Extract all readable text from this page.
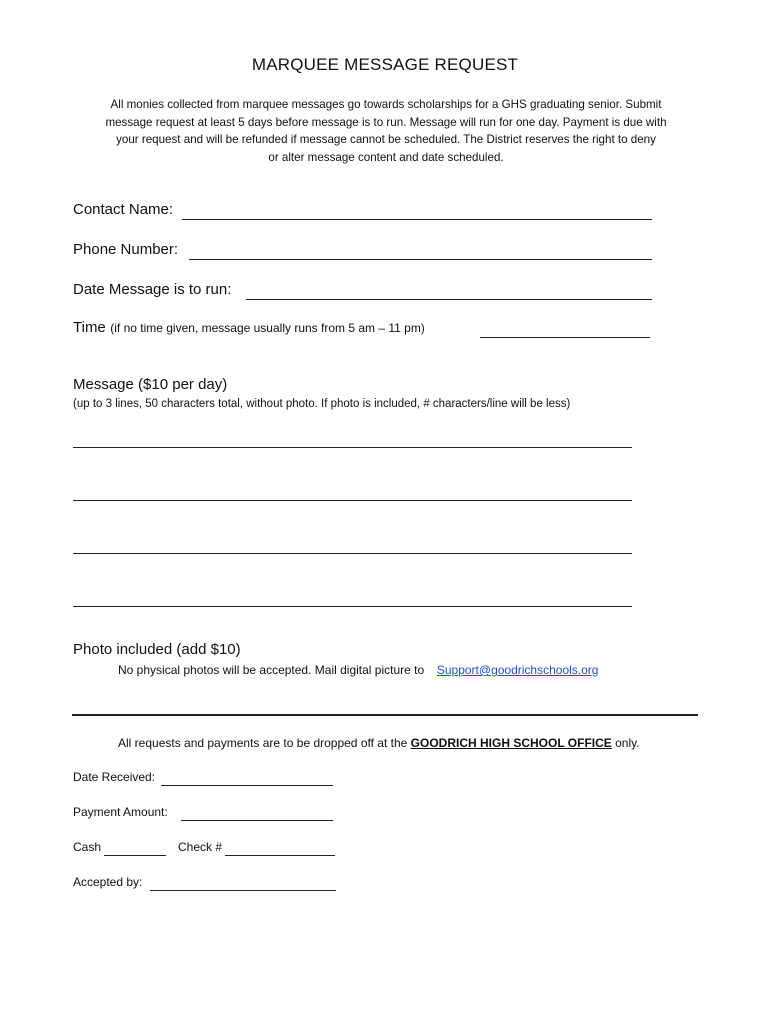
MARQUEE MESSAGE REQUEST
All monies collected from marquee messages go towards scholarships for a GHS graduating senior. Submit
message request at least 5 days before message is to run. Message will run for one day. Payment is due with
your request and will be refunded if message cannot be scheduled. The District reserves the right to deny
or alter message content and date scheduled.
Contact Name:
Phone Number:
Date Message is to run:
Time (if no time given, message usually runs from 5 am – 11 pm)
Message ($10 per day)
(up to 3 lines, 50 characters total, without photo. If photo is included, # characters/line will be less)
Photo included (add $10)
No physical photos will be accepted. Mail digital picture to Support@goodrichschools.org
All requests and payments are to be dropped off at the GOODRICH HIGH SCHOOL OFFICE only.
Date Received:
Payment Amount:
Cash	Check #
Accepted by:
